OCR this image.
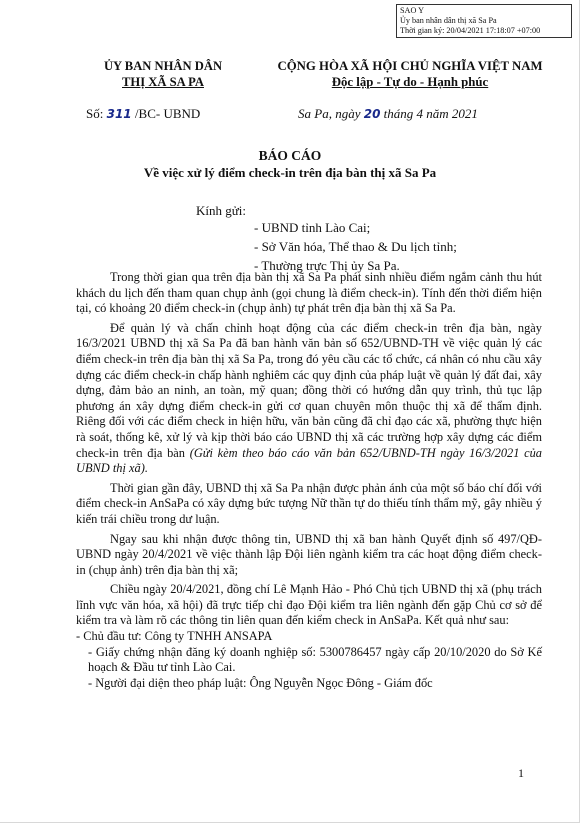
SAO Y
Ủy ban nhân dân thị xã Sa Pa
Thời gian ký: 20/04/2021 17:18:07 +07:00
ỦY BAN NHÂN DÂN
THỊ XÃ SA PA
CỘNG HÒA XÃ HỘI CHỦ NGHĨA VIỆT NAM
Độc lập - Tự do - Hạnh phúc
Số: 311 /BC- UBND	Sa Pa, ngày 20 tháng 4 năm 2021
BÁO CÁO
Về việc xử lý điểm check-in trên địa bàn thị xã Sa Pa
Kính gửi:
- UBND tỉnh Lào Cai;
- Sở Văn hóa, Thể thao & Du lịch tỉnh;
- Thường trực Thị ủy Sa Pa.

Trong thời gian qua trên địa bàn thị xã Sa Pa phát sinh nhiều điểm ngắm cảnh thu hút khách du lịch đến tham quan chụp ảnh (gọi chung là điểm check-in). Tính đến thời điểm hiện tại, có khoảng 20 điểm check-in (chụp ảnh) tự phát trên địa bàn thị xã Sa Pa.

Để quản lý và chấn chỉnh hoạt động của các điểm check-in trên địa bàn, ngày 16/3/2021 UBND thị xã Sa Pa đã ban hành văn bản số 652/UBND-TH về việc quản lý các điểm check-in trên địa bàn thị xã Sa Pa, trong đó yêu cầu các tổ chức, cá nhân có nhu cầu xây dựng các điểm check-in chấp hành nghiêm các quy định của pháp luật về quản lý đất đai, xây dựng, đảm bảo an ninh, an toàn, mỹ quan; đồng thời có hướng dẫn quy trình, thủ tục lập phương án xây dựng điểm check-in gửi cơ quan chuyên môn thuộc thị xã để thẩm định. Riêng đối với các điểm check in hiện hữu, văn bản cũng đã chỉ đạo các xã, phường thực hiện rà soát, thống kê, xử lý và kịp thời báo cáo UBND thị xã các trường hợp xây dựng các điểm check-in trên địa bàn (Gửi kèm theo báo cáo văn bản 652/UBND-TH ngày 16/3/2021 của UBND thị xã).

Thời gian gần đây, UBND thị xã Sa Pa nhận được phản ánh của một số báo chí đối với điểm check-in AnSaPa có xây dựng bức tượng Nữ thần tự do thiếu tính thẩm mỹ, gây nhiều ý kiến trái chiều trong dư luận.

Ngay sau khi nhận được thông tin, UBND thị xã ban hành Quyết định số 497/QĐ-UBND ngày 20/4/2021 về việc thành lập Đội liên ngành kiểm tra các hoạt động điểm check-in (chụp ảnh) trên địa bàn thị xã;

Chiều ngày 20/4/2021, đồng chí Lê Mạnh Hảo - Phó Chủ tịch UBND thị xã (phụ trách lĩnh vực văn hóa, xã hội) đã trực tiếp chỉ đạo Đội kiểm tra liên ngành đến gặp Chủ cơ sở để kiểm tra và làm rõ các thông tin liên quan đến kiểm check in AnSaPa. Kết quả như sau:

- Chủ đầu tư: Công ty TNHH ANSAPA

- Giấy chứng nhận đăng ký doanh nghiệp số: 5300786457 ngày cấp 20/10/2020 do Sở Kế hoạch & Đầu tư tỉnh Lào Cai.

- Người đại diện theo pháp luật: Ông Nguyễn Ngọc Đông - Giám đốc

1
